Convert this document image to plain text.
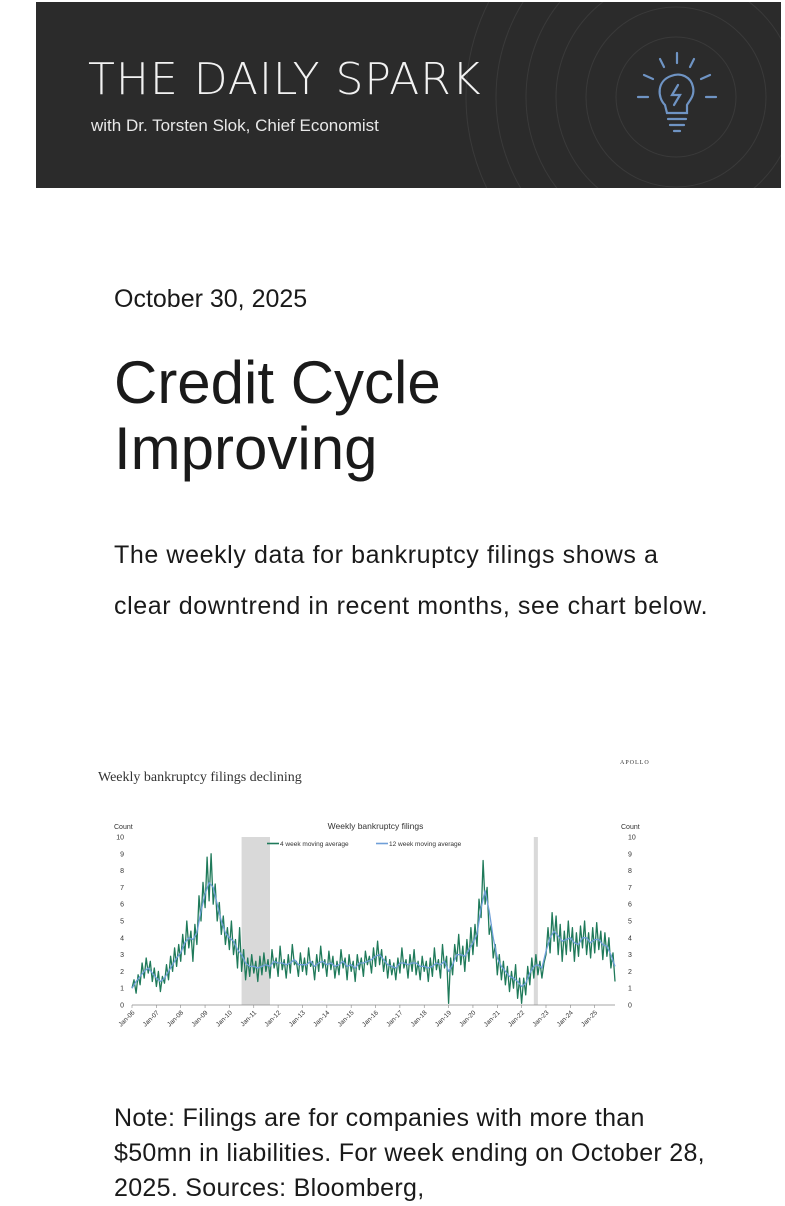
THE DAILY SPARK
with Dr. Torsten Slok, Chief Economist
October 30, 2025
Credit Cycle Improving
The weekly data for bankruptcy filings shows a clear downtrend in recent months, see chart below.
0	0
1	1
2	2
3	3
4	4
5	5
6	6
7	7
8	8
9	9
10	10
Count	Count
Jan-06 Jan-07 Jan-08 Jan-09 Jan-10 Jan-11 Jan-12 Jan-13 Jan-14 Jan-15 Jan-16 Jan-17 Jan-18 Jan-19 Jan-20 Jan-21 Jan-22 Jan-23 Jan-24 Jan-25
Weekly bankruptcy filings
4 week moving average	12 week moving average
Weekly bankruptcy filings declining
APOLLO
Note: Filings are for companies with more than $50mn in liabilities. For week ending on October 28, 2025. Sources: Bloomberg,
